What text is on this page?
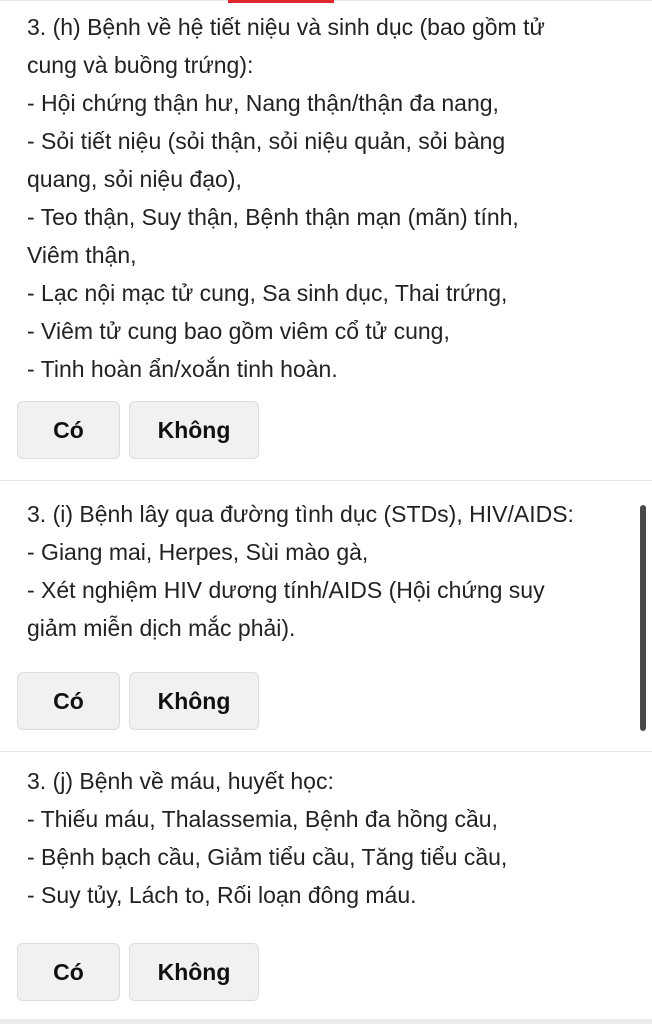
3. (h) Bệnh về hệ tiết niệu và sinh dục (bao gồm tử
cung và buồng trứng):
- Hội chứng thận hư, Nang thận/thận đa nang,
- Sỏi tiết niệu (sỏi thận, sỏi niệu quản, sỏi bàng
quang, sỏi niệu đạo),
- Teo thận, Suy thận, Bệnh thận mạn (mãn) tính,
Viêm thận,
- Lạc nội mạc tử cung, Sa sinh dục, Thai trứng,
- Viêm tử cung bao gồm viêm cổ tử cung,
- Tinh hoàn ẩn/xoắn tinh hoàn.
Có	Không
3. (i) Bệnh lây qua đường tình dục (STDs), HIV/AIDS:
- Giang mai, Herpes, Sùi mào gà,
- Xét nghiệm HIV dương tính/AIDS (Hội chứng suy
giảm miễn dịch mắc phải).
Có	Không
3. (j) Bệnh về máu, huyết học:
- Thiếu máu, Thalassemia, Bệnh đa hồng cầu,
- Bệnh bạch cầu, Giảm tiểu cầu, Tăng tiểu cầu,
- Suy tủy, Lách to, Rối loạn đông máu.
Có	Không
